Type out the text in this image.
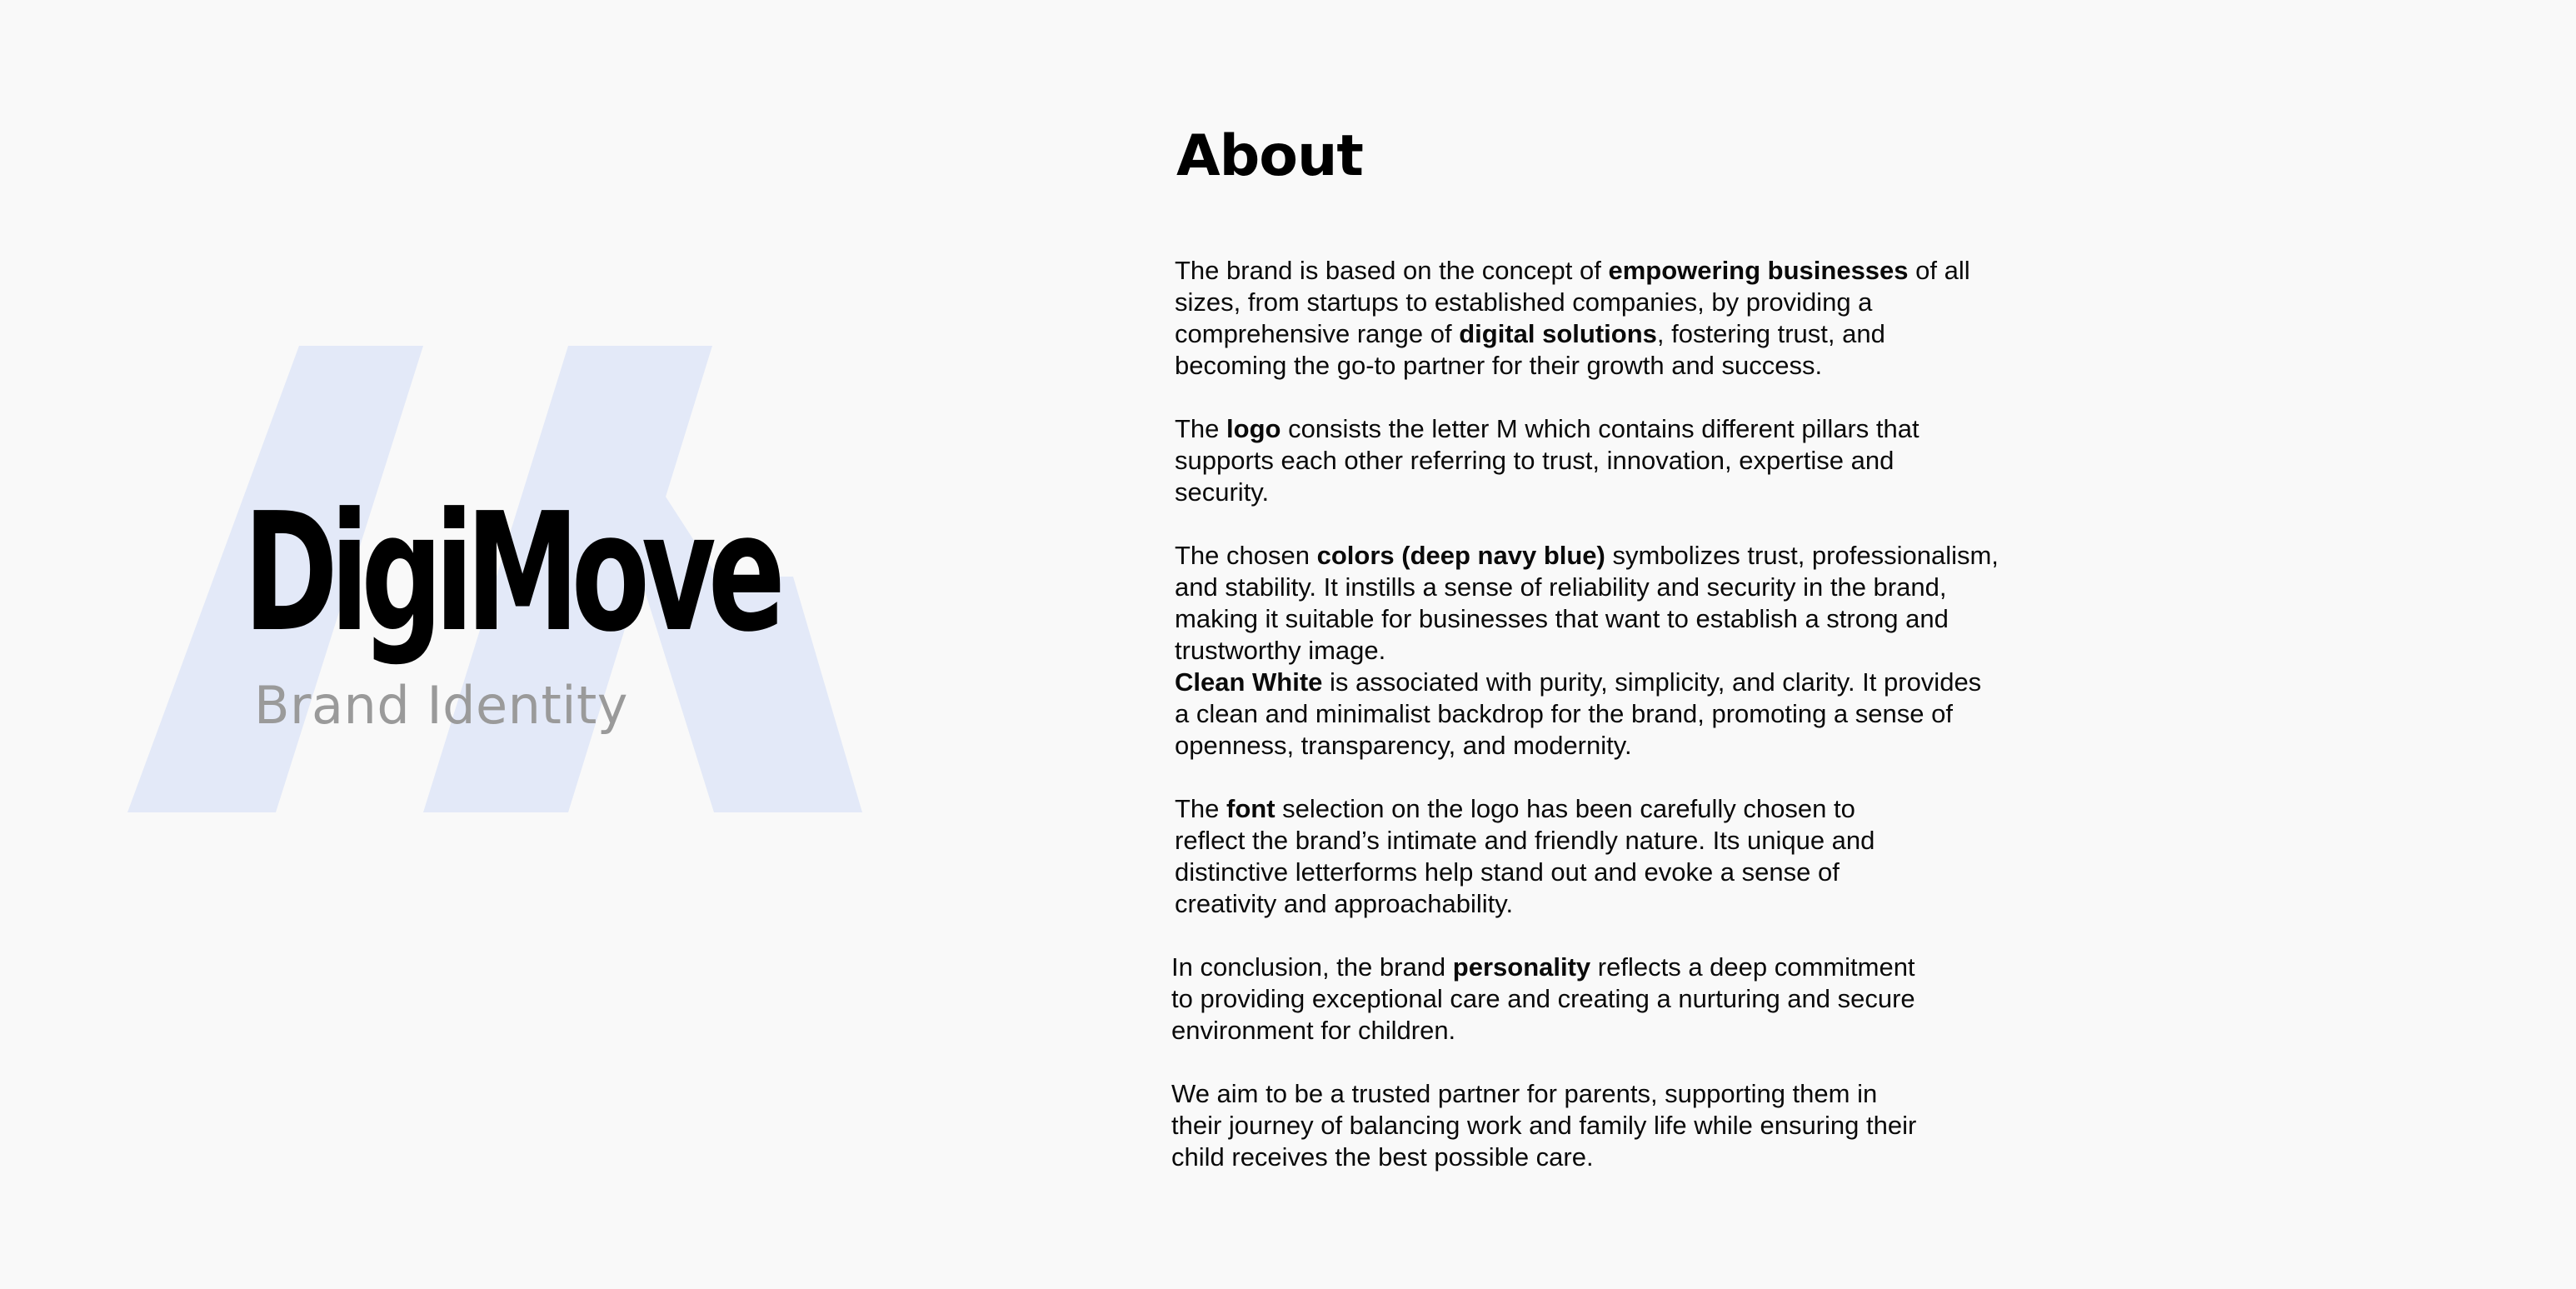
DigiMove
Brand Identity
About

The brand is based on the concept of empowering businesses of all
sizes, from startups to established companies, by providing a
comprehensive range of digital solutions, fostering trust, and
becoming the go-to partner for their growth and success.

The logo consists the letter M which contains different pillars that
supports each other referring to trust, innovation, expertise and
security.

The chosen colors (deep navy blue) symbolizes trust, professionalism,
and stability. It instills a sense of reliability and security in the brand,
making it suitable for businesses that want to establish a strong and
trustworthy image.
Clean White is associated with purity, simplicity, and clarity. It provides
a clean and minimalist backdrop for the brand, promoting a sense of
openness, transparency, and modernity.

The font selection on the logo has been carefully chosen to
reflect the brand’s intimate and friendly nature. Its unique and
distinctive letterforms help stand out and evoke a sense of
creativity and approachability.

In conclusion, the brand personality reflects a deep commitment
to providing exceptional care and creating a nurturing and secure
environment for children.

We aim to be a trusted partner for parents, supporting them in
their journey of balancing work and family life while ensuring their
child receives the best possible care.
